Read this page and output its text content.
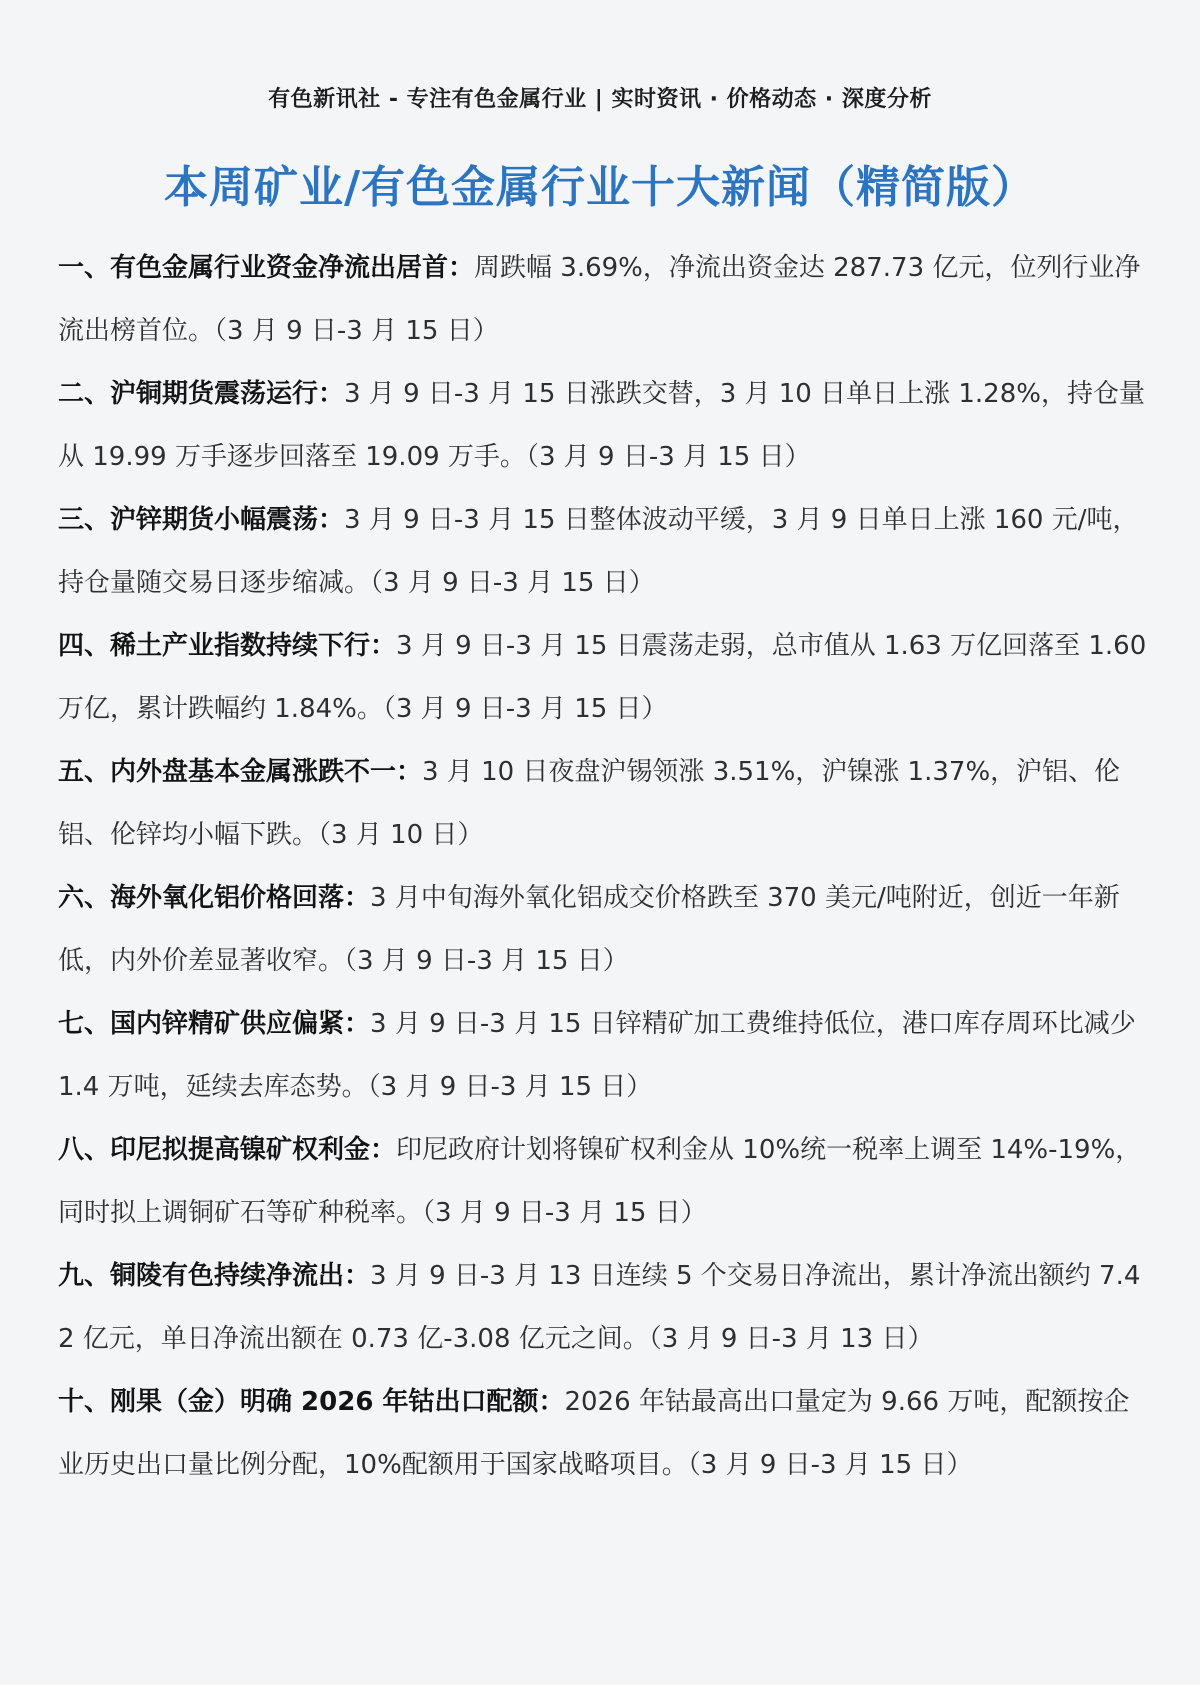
有色新讯社 - 专注有色金属行业 | 实时资讯 · 价格动态 · 深度分析
本周矿业/有色金属行业十大新闻（精简版）

一、有色金属行业资金净流出居首：周跌幅 3.69%，净流出资金达 287.73 亿元，位列行业净流出榜首位。（3 月 9 日-3 月 15 日）

二、沪铜期货震荡运行：3 月 9 日-3 月 15 日涨跌交替，3 月 10 日单日上涨 1.28%，持仓量从 19.99 万手逐步回落至 19.09 万手。（3 月 9 日-3 月 15 日）

三、沪锌期货小幅震荡：3 月 9 日-3 月 15 日整体波动平缓，3 月 9 日单日上涨 160 元/吨，持仓量随交易日逐步缩减。（3 月 9 日-3 月 15 日）

四、稀土产业指数持续下行：3 月 9 日-3 月 15 日震荡走弱，总市值从 1.63 万亿回落至 1.60 万亿，累计跌幅约 1.84%。（3 月 9 日-3 月 15 日）

五、内外盘基本金属涨跌不一：3 月 10 日夜盘沪锡领涨 3.51%，沪镍涨 1.37%，沪铝、伦铝、伦锌均小幅下跌。（3 月 10 日）

六、海外氧化铝价格回落：3 月中旬海外氧化铝成交价格跌至 370 美元/吨附近，创近一年新低，内外价差显著收窄。（3 月 9 日-3 月 15 日）

七、国内锌精矿供应偏紧：3 月 9 日-3 月 15 日锌精矿加工费维持低位，港口库存周环比减少 1.4 万吨，延续去库态势。（3 月 9 日-3 月 15 日）

八、印尼拟提高镍矿权利金：印尼政府计划将镍矿权利金从 10%统一税率上调至 14%-19%，同时拟上调铜矿石等矿种税率。（3 月 9 日-3 月 15 日）

九、铜陵有色持续净流出：3 月 9 日-3 月 13 日连续 5 个交易日净流出，累计净流出额约 7.42 亿元，单日净流出额在 0.73 亿-3.08 亿元之间。（3 月 9 日-3 月 13 日）

十、刚果（金）明确 2026 年钴出口配额：2026 年钴最高出口量定为 9.66 万吨，配额按企业历史出口量比例分配，10%配额用于国家战略项目。（3 月 9 日-3 月 15 日）
